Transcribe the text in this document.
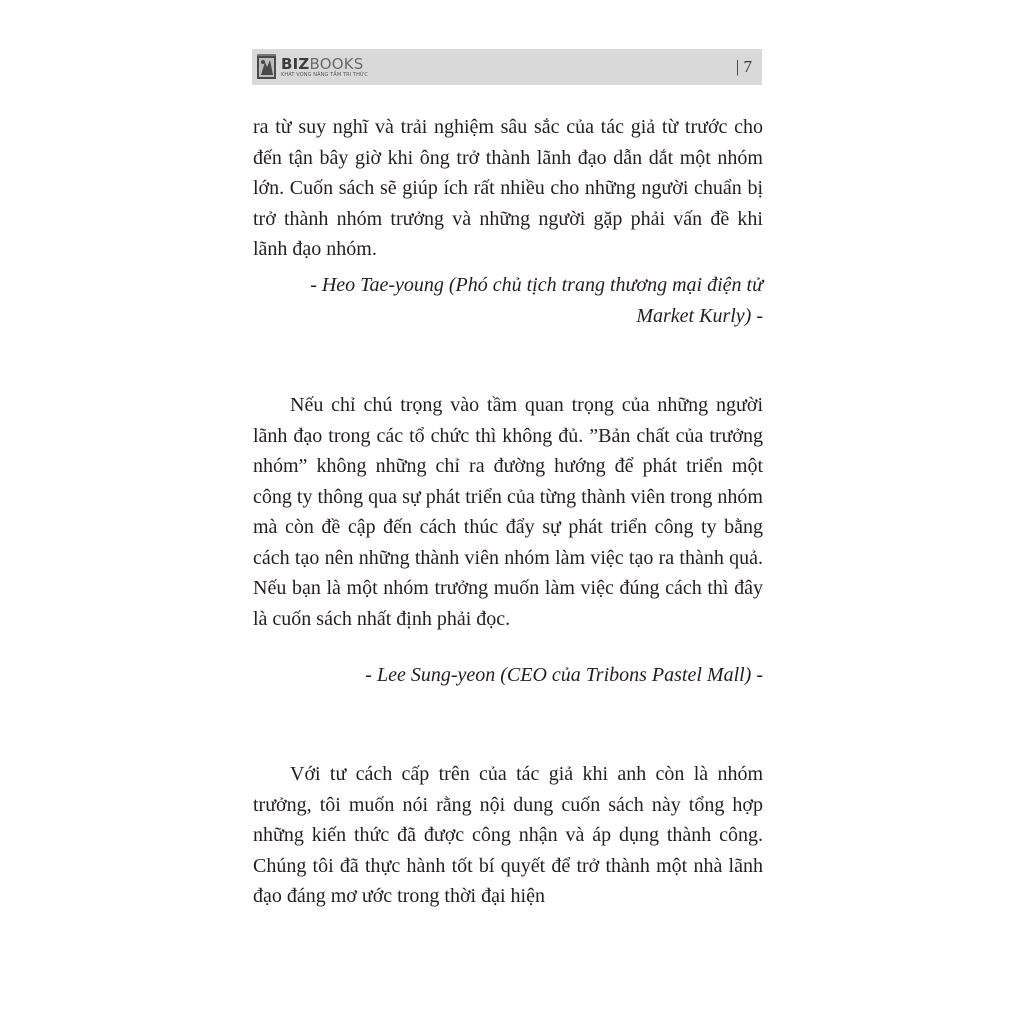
BIZBOOKS
KHÁT VỌNG NÂNG TẦM TRI THỨC	| 7

ra từ suy nghĩ và trải nghiệm sâu sắc của tác giả từ trước cho đến tận bây giờ khi ông trở thành lãnh đạo dẫn dắt một nhóm lớn. Cuốn sách sẽ giúp ích rất nhiều cho những người chuẩn bị trở thành nhóm trưởng và những người gặp phải vấn đề khi lãnh đạo nhóm.

- Heo Tae-young (Phó chủ tịch trang thương mại điện tử

Market Kurly) -

Nếu chỉ chú trọng vào tầm quan trọng của những người lãnh đạo trong các tổ chức thì không đủ. ”Bản chất của trưởng nhóm” không những chỉ ra đường hướng để phát triển một công ty thông qua sự phát triển của từng thành viên trong nhóm mà còn đề cập đến cách thúc đẩy sự phát triển công ty bằng cách tạo nên những thành viên nhóm làm việc tạo ra thành quả. Nếu bạn là một nhóm trưởng muốn làm việc đúng cách thì đây là cuốn sách nhất định phải đọc.

- Lee Sung-yeon (CEO của Tribons Pastel Mall) -

Với tư cách cấp trên của tác giả khi anh còn là nhóm trưởng, tôi muốn nói rằng nội dung cuốn sách này tổng hợp những kiến thức đã được công nhận và áp dụng thành công. Chúng tôi đã thực hành tốt bí quyết để trở thành một nhà lãnh đạo đáng mơ ước trong thời đại hiện
